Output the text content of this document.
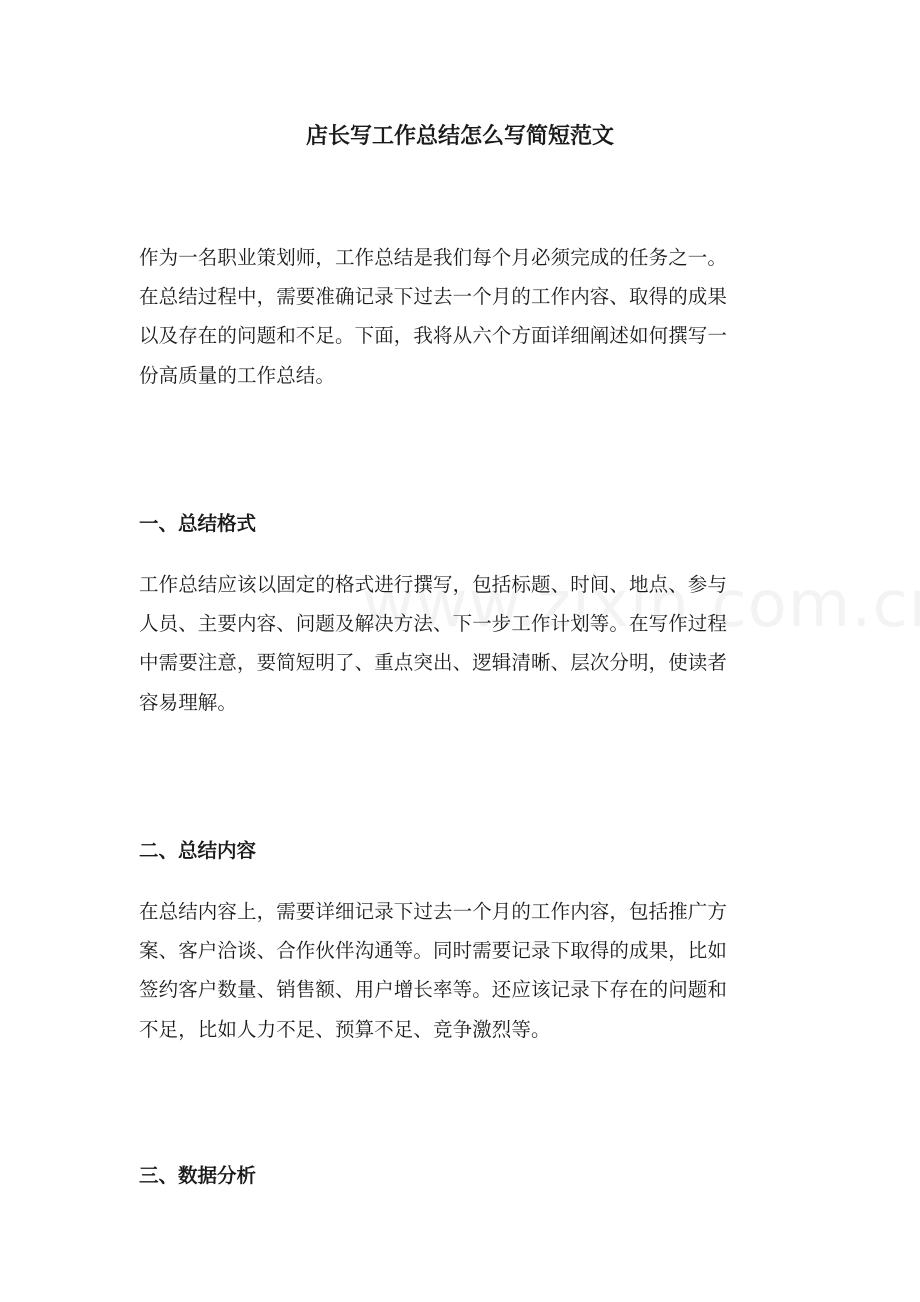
店长写工作总结怎么写简短范文

作为一名职业策划师，工作总结是我们每个月必须完成的任务之一。
在总结过程中，需要准确记录下过去一个月的工作内容、取得的成果
以及存在的问题和不足。下面，我将从六个方面详细阐述如何撰写一
份高质量的工作总结。

一、总结格式

工作总结应该以固定的格式进行撰写，包括标题、时间、地点、参与
人员、主要内容、问题及解决方法、下一步工作计划等。在写作过程
中需要注意，要简短明了、重点突出、逻辑清晰、层次分明，使读者
容易理解。

二、总结内容

在总结内容上，需要详细记录下过去一个月的工作内容，包括推广方
案、客户洽谈、合作伙伴沟通等。同时需要记录下取得的成果，比如
签约客户数量、销售额、用户增长率等。还应该记录下存在的问题和
不足，比如人力不足、预算不足、竞争激烈等。

三、数据分析
